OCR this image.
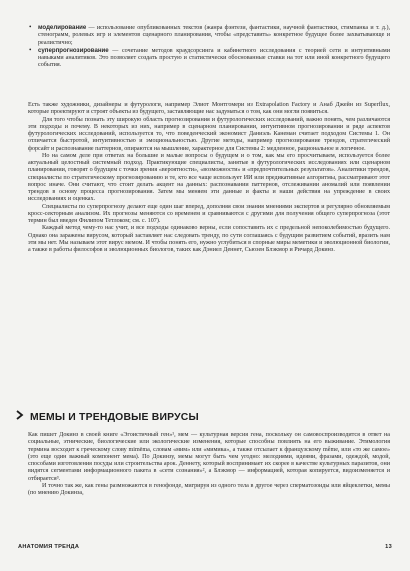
• моделирование — использование опубликованных текстов (жанра фэнтези, фантастики, научной фантастики, стимпанка и т. д.), стенограмм, ролевых игр и элементов сценарного планирования, чтобы «представить» конкретное будущее более захватывающе и реалистично;
• суперпрогнозирование — сочетание методов краудсорсинга и кабинетного исследования с теорией сети и интуитивными навыками аналитиков. Это позволяет создать простую и статистически обоснованные ставки на тот или иной конкретного будущего события.

Есть также художники, дизайнеры и футурологи, например Элиот Монтгомери из Extrapolation Factory и Анаб Джейн из Superflux, которые проектируют и строят объекты из будущего, заставляющие нас задуматься о том, как они могли появиться.

Для того чтобы познать эту широкую область прогнозирования и футурологических исследований, важно понять, чем различаются эти подходы и почему. В некоторых из них, например в сценарном планировании, интуитивном прогнозировании и ряде аспектов футурологических исследований, используется то, что поведенческий экономист Даниэль Канеман считает подходом Системы 1. Он отличается быстротой, интуитивностью и эмоциональностью. Другие методы, например прогнозирование трендов, стратегический форсайт и распознавание паттернов, опираются на мышление, характерное для Системы 2: медленное, рациональное и логичное.

Но на самом деле при ответах на большие и малые вопросы о будущем и о том, как мы его просчитываем, используется более актуальный целостный системный подход. Практикующие специалисты, занятые в футурологических исследованиях или сценарном планировании, говорят о будущем с точки зрения «вероятности», «возможности» и «предпочтительных результатов». Аналитики трендов, специалисты по стратегическому прогнозированию и те, кто все чаще использует ИИ или предикативные алгоритмы, рассматривают этот вопрос иначе. Они считают, что стоит делать акцент на данных: распознавании паттернов, отслеживании аномалий или появлении трендов в основу процесса прогнозирования. Затем мы меняем эти данные и факты и наши действия на упреждение в своих исследованиях и оценках.

Специалисты по суперпрогнозу делают еще один шаг вперед, дополняя свои знания мнениями экспертов и регулярно обновляемым кросс-секторным анализом. Их прогнозы меняются со временем и сравниваются с другими для получения общего суперпрогноза (этот термин был введен Филипом Тетлоком; см. с. 107).

Каждый метод чему-то нас учит, и все подходы одинаково верны, если сопоставить их с предельной непоколебимостью будущего. Однако она заражены вирусом, который заставляет нас следовать тренду, по сути соглашаясь с будущим развитием событий, вразить нам эти мы нет. Мы называем этот вирус мемом. И чтобы понять его, нужно углубиться в спорные миры меметики и эволюционной биологии, а также в работы философов и эволюционных биологов, таких как Дэниел Деннет, Сьюзен Блэкмор и Ричард Докинз.

МЕМЫ И ТРЕНДОВЫЕ ВИРУСЫ

Как пишет Докинз в своей книге «Эгоистичный ген»¹, мем — культурная версия гена, поскольку он самовоспроизводится в ответ на социальные, этнические, биологические или экологические изменения, которые способны повлиять на его выживание. Этимология термина восходит к греческому слову mimēma, словам «мим» или «мимика», а также отсылает к французскому même, или «то же самое» (это еще один важный компонент мема). По Докинзу, мемы могут быть чем угодно: мелодиями, идеями, фразами, одеждой, модой, способами изготовления посуды или строительства арок. Деннету, который воспринимает их скорее в качестве культурных паразитов, они видятся сегментами информационного пакета в «сети сознания»², а Блэкмор — информацией, которая копируется, видоизменяется и отбирается³.

И точно так же, как гены размножаются в генофонде, мигрируя из одного тела в другое через сперматозоиды или яйцеклетки, мемы (по мнению Докинза,

АНАТОМИЯ ТРЕНДА	13
